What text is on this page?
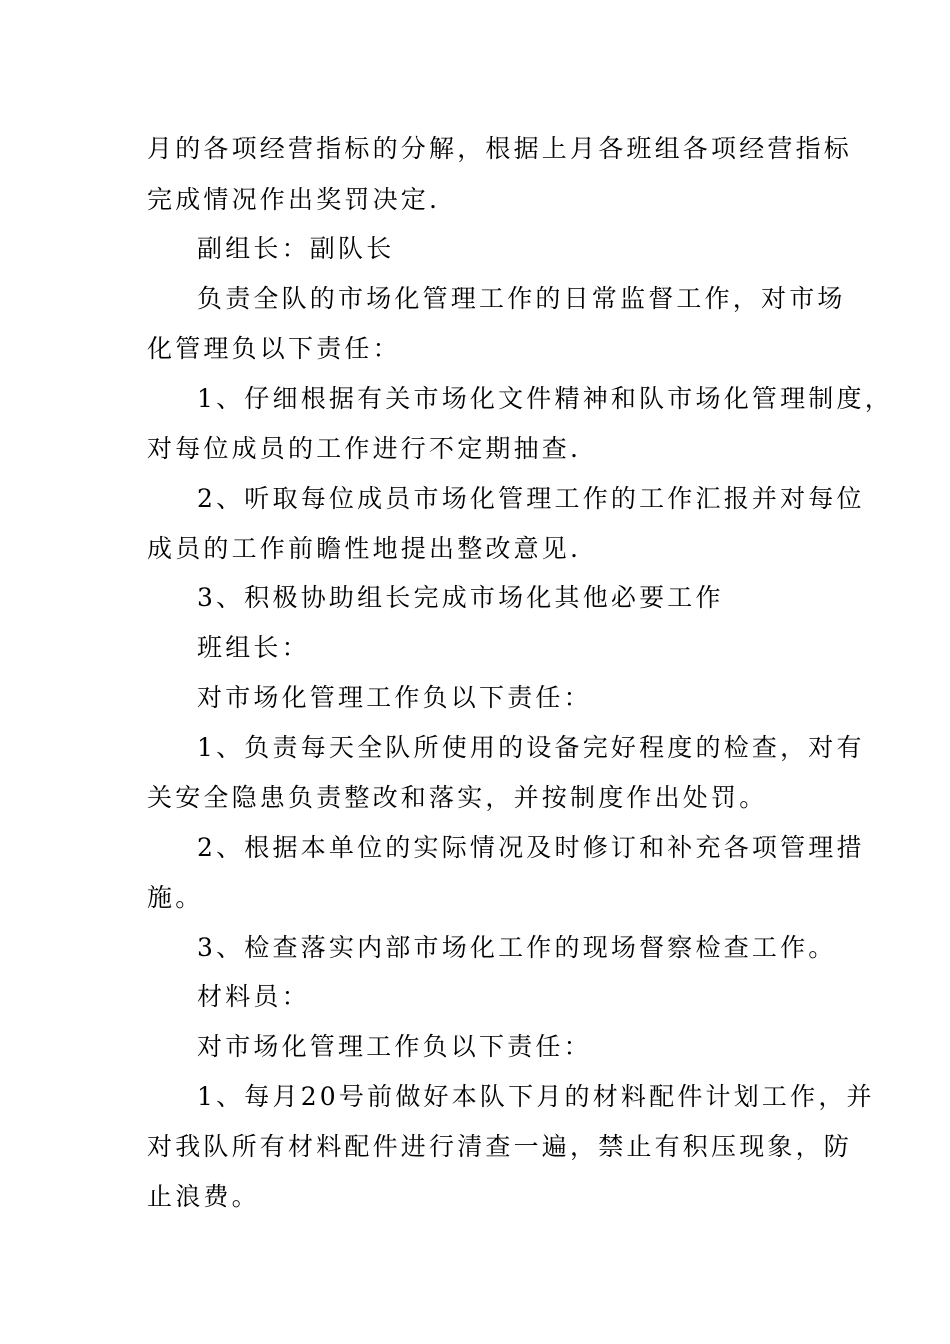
月的各项经营指标的分解，根据上月各班组各项经营指标
完成情况作出奖罚决定.
副组长：副队长
负责全队的市场化管理工作的日常监督工作，对市场
化管理负以下责任：
1、仔细根据有关市场化文件精神和队市场化管理制度，
对每位成员的工作进行不定期抽查.
2、听取每位成员市场化管理工作的工作汇报并对每位
成员的工作前瞻性地提出整改意见.
3、积极协助组长完成市场化其他必要工作
班组长：
对市场化管理工作负以下责任：
1、负责每天全队所使用的设备完好程度的检查，对有
关安全隐患负责整改和落实，并按制度作出处罚。
2、根据本单位的实际情况及时修订和补充各项管理措
施。
3、检查落实内部市场化工作的现场督察检查工作。
材料员：
对市场化管理工作负以下责任：
1、每月20号前做好本队下月的材料配件计划工作，并
对我队所有材料配件进行清查一遍，禁止有积压现象，防
止浪费。
